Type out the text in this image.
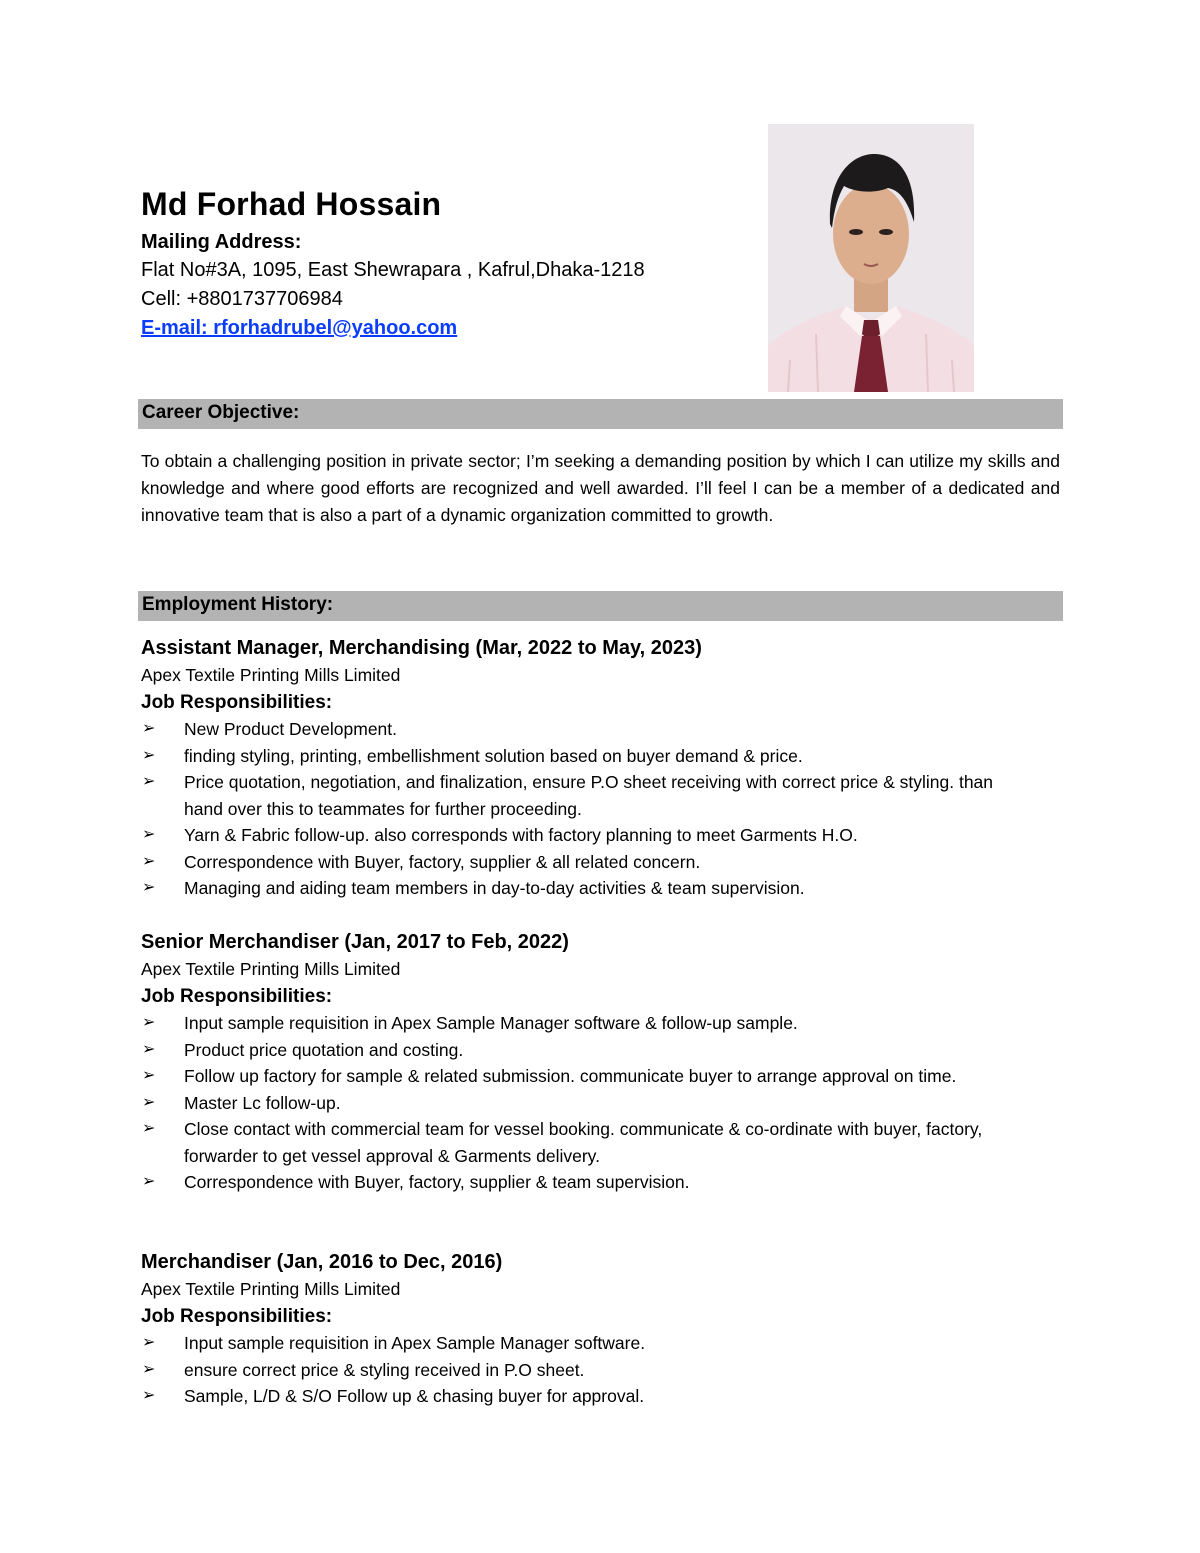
Md Forhad Hossain
Mailing Address:
Flat No#3A, 1095, East Shewrapara , Kafrul,Dhaka-1218
Cell: +8801737706984
E-mail: rforhadrubel@yahoo.com
Career Objective:
To obtain a challenging position in private sector; I’m seeking a demanding position by which I can utilize my skills and knowledge and where good efforts are recognized and well awarded. I’ll feel I can be a member of a dedicated and innovative team that is also a part of a dynamic organization committed to growth.
Employment History:
Assistant Manager, Merchandising (Mar, 2022 to May, 2023)
Apex Textile Printing Mills Limited
Job Responsibilities:
➢ New Product Development.
➢ finding styling, printing, embellishment solution based on buyer demand & price.
➢ Price quotation, negotiation, and finalization, ensure P.O sheet receiving with correct price & styling. than hand over this to teammates for further proceeding.
➢ Yarn & Fabric follow-up. also corresponds with factory planning to meet Garments H.O.
➢ Correspondence with Buyer, factory, supplier & all related concern.
➢ Managing and aiding team members in day-to-day activities & team supervision.
Senior Merchandiser (Jan, 2017 to Feb, 2022)
Apex Textile Printing Mills Limited
Job Responsibilities:
➢ Input sample requisition in Apex Sample Manager software & follow-up sample.
➢ Product price quotation and costing.
➢ Follow up factory for sample & related submission. communicate buyer to arrange approval on time.
➢ Master Lc follow-up.
➢ Close contact with commercial team for vessel booking. communicate & co-ordinate with buyer, factory, forwarder to get vessel approval & Garments delivery.
➢ Correspondence with Buyer, factory, supplier & team supervision.
Merchandiser (Jan, 2016 to Dec, 2016)
Apex Textile Printing Mills Limited
Job Responsibilities:
➢ Input sample requisition in Apex Sample Manager software.
➢ ensure correct price & styling received in P.O sheet.
➢ Sample, L/D & S/O Follow up & chasing buyer for approval.
